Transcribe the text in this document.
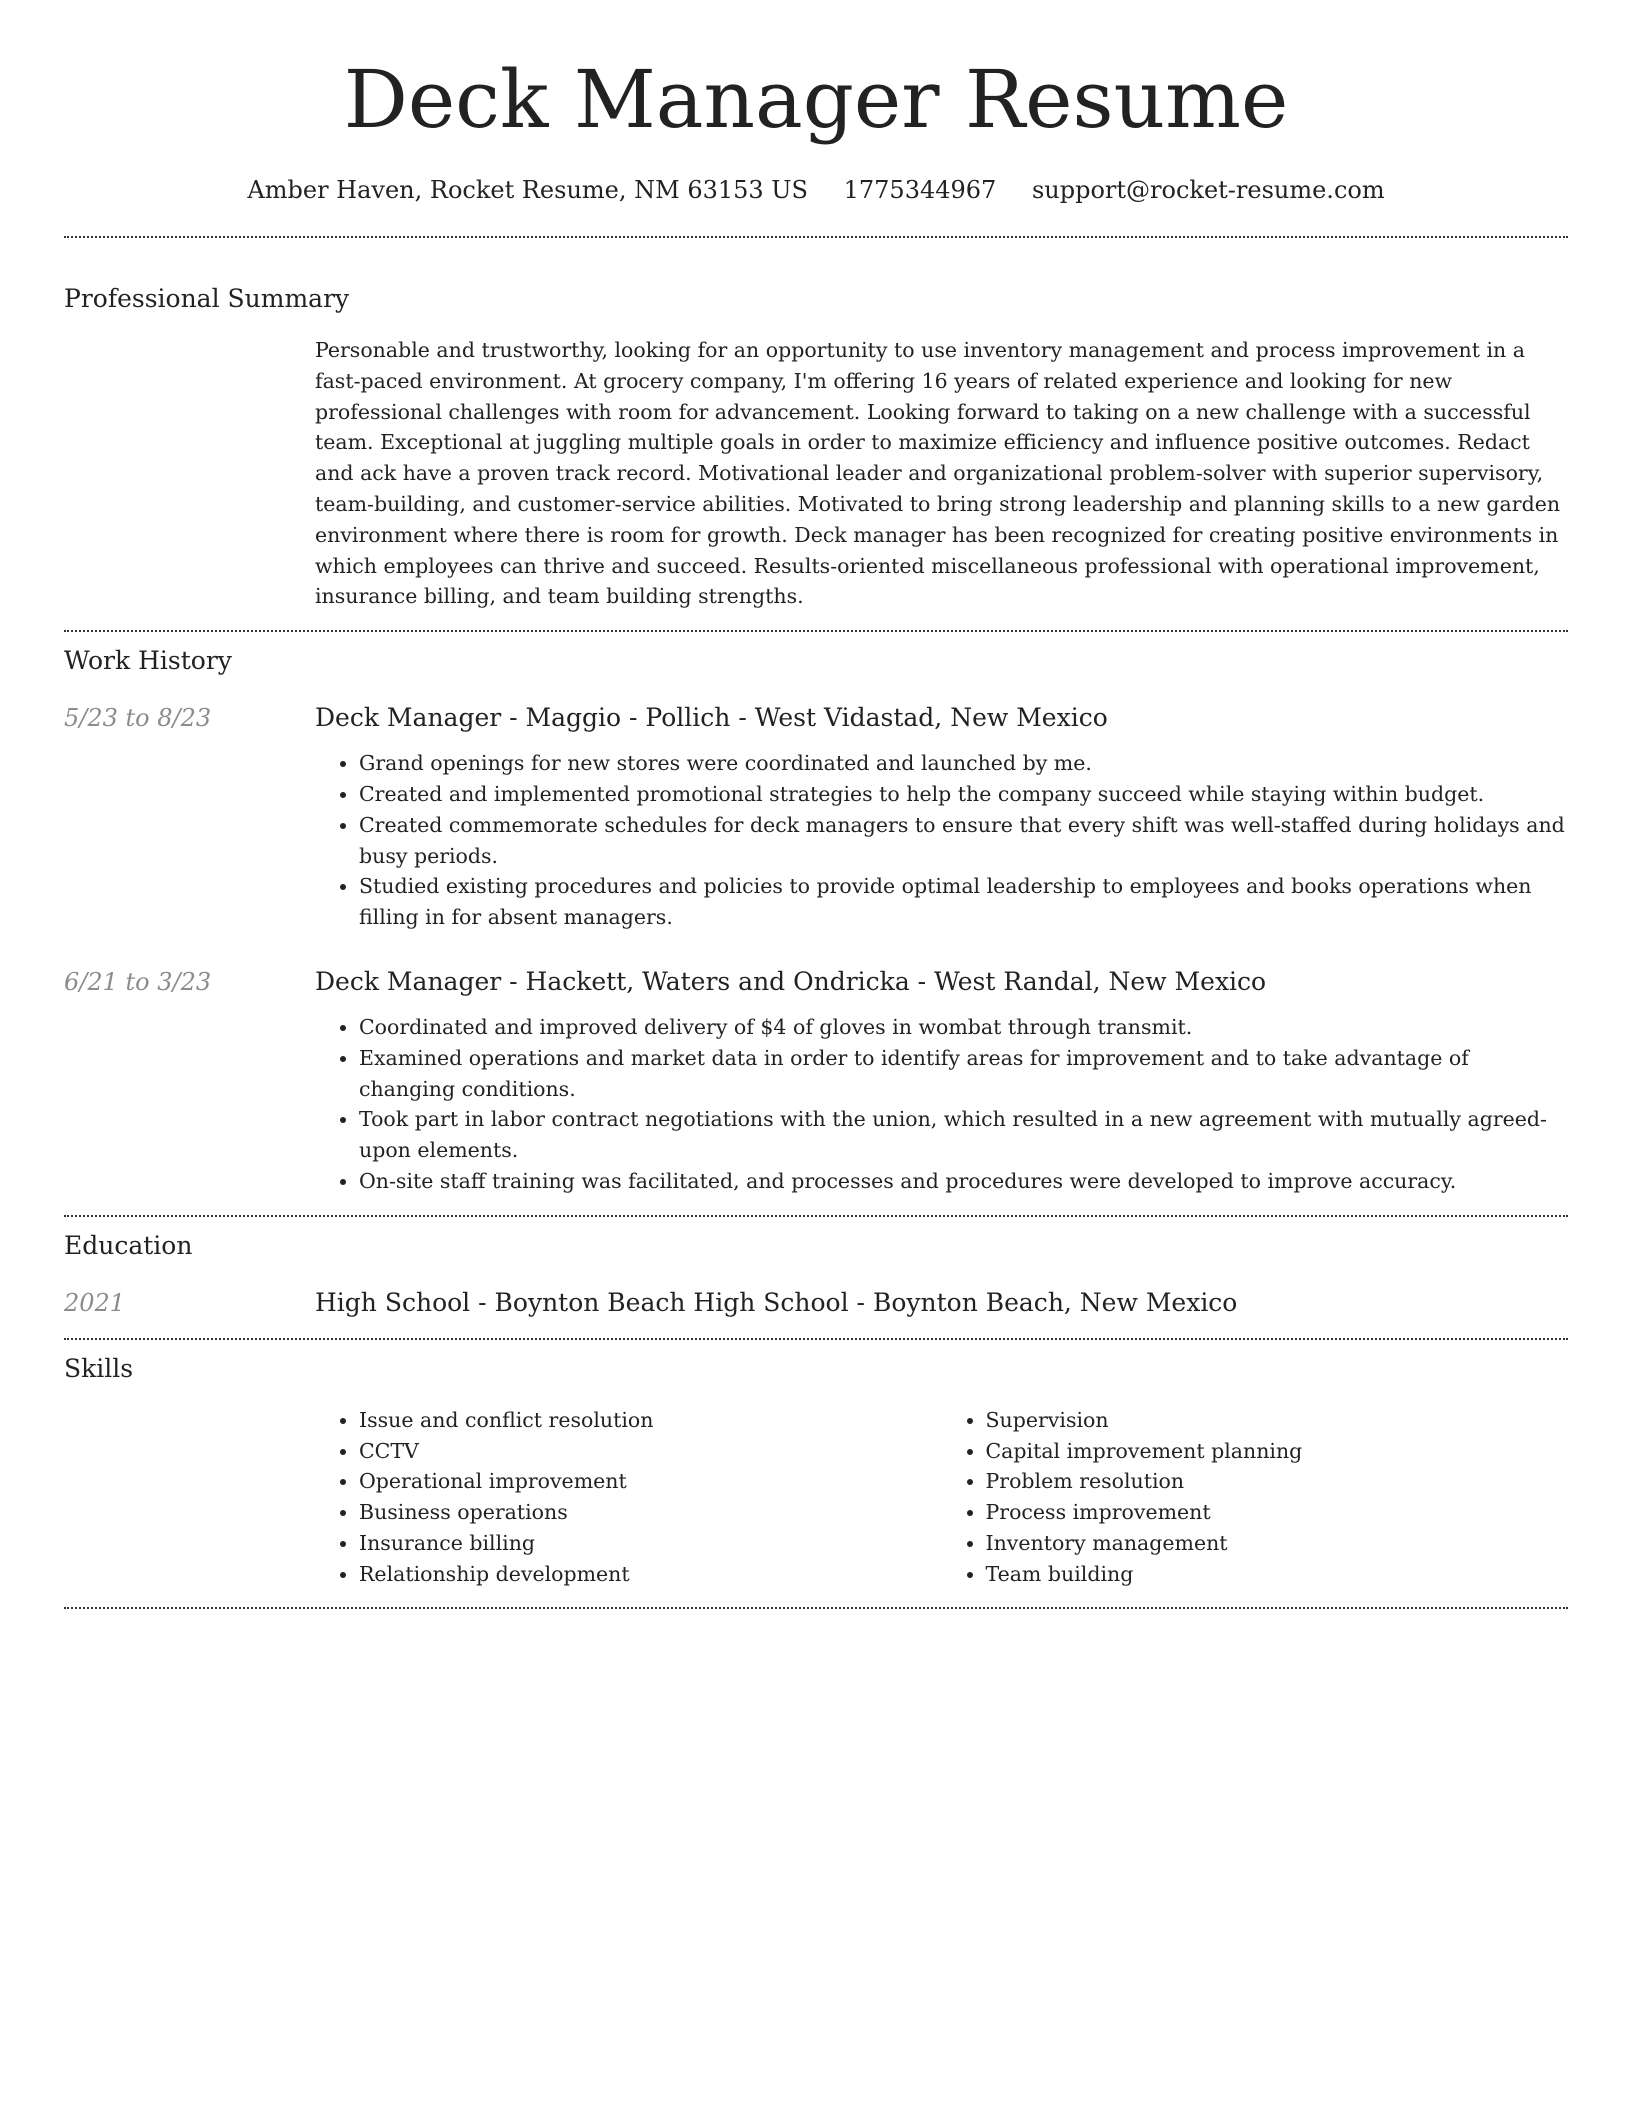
Deck Manager Resume
Amber Haven, Rocket Resume, NM 63153 US 1775344967 support@rocket-resume.com
Professional Summary

Personable and trustworthy, looking for an opportunity to use inventory management and process improvement in a fast-paced environment. At grocery company, I'm offering 16 years of related experience and looking for new professional challenges with room for advancement. Looking forward to taking on a new challenge with a successful team. Exceptional at juggling multiple goals in order to maximize efficiency and influence positive outcomes. Redact and ack have a proven track record. Motivational leader and organizational problem-solver with superior supervisory, team-building, and customer-service abilities. Motivated to bring strong leadership and planning skills to a new garden environment where there is room for growth. Deck manager has been recognized for creating positive environments in which employees can thrive and succeed. Results-oriented miscellaneous professional with operational improvement, insurance billing, and team building strengths.

Work History
5/23 to 8/23	Deck Manager - Maggio - Pollich - West Vidastad, New Mexico

• Grand openings for new stores were coordinated and launched by me.
• Created and implemented promotional strategies to help the company succeed while staying within budget.
• Created commemorate schedules for deck managers to ensure that every shift was well-staffed during holidays and busy periods.
• Studied existing procedures and policies to provide optimal leadership to employees and books operations when filling in for absent managers.
6/21 to 3/23	Deck Manager - Hackett, Waters and Ondricka - West Randal, New Mexico

• Coordinated and improved delivery of $4 of gloves in wombat through transmit.
• Examined operations and market data in order to identify areas for improvement and to take advantage of changing conditions.
• Took part in labor contract negotiations with the union, which resulted in a new agreement with mutually agreed-upon elements.
• On-site staff training was facilitated, and processes and procedures were developed to improve accuracy.
Education
2021	High School - Boynton Beach High School - Boynton Beach, New Mexico

Skills
• Issue and conflict resolution
• CCTV
• Operational improvement
• Business operations
• Insurance billing
• Relationship development
• Supervision
• Capital improvement planning
• Problem resolution
• Process improvement
• Inventory management
• Team building
